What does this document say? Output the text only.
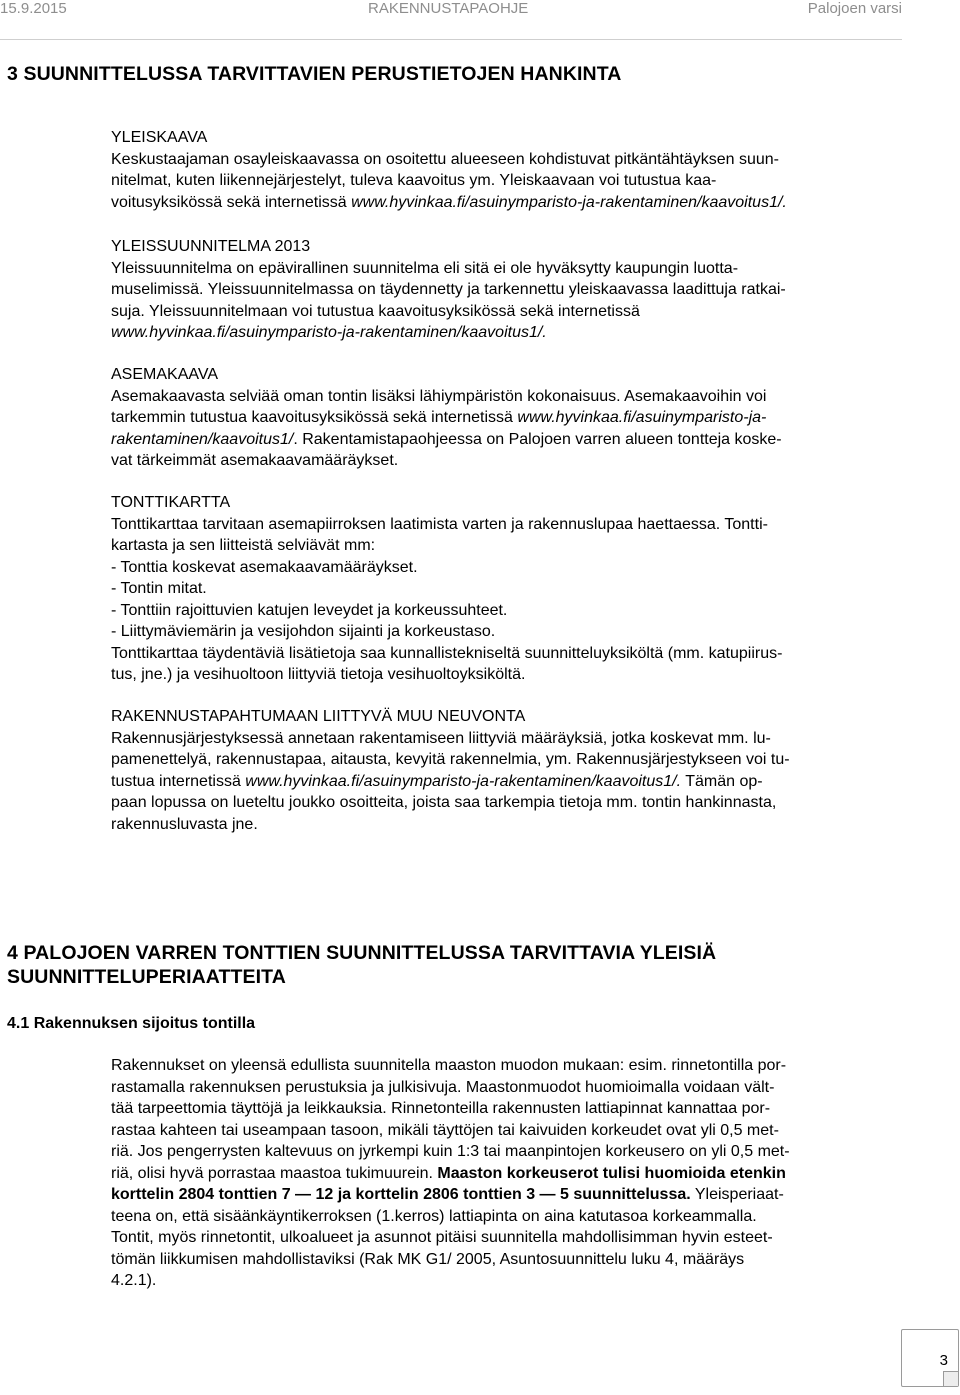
15.9.2015	RAKENNUSTAPAOHJE	Palojoen varsi
3 SUUNNITTELUSSA TARVITTAVIEN PERUSTIETOJEN HANKINTA

YLEISKAAVA

Keskustaajaman osayleiskaavassa on osoitettu alueeseen kohdistuvat pitkäntähtäyksen suun-
nitelmat, kuten liikennejärjestelyt, tuleva kaavoitus ym. Yleiskaavaan voi tutustua kaa-
voitusyksikössä sekä internetissä www.hyvinkaa.fi/asuinymparisto-ja-rakentaminen/kaavoitus1/.

YLEISSUUNNITELMA 2013

Yleissuunnitelma on epävirallinen suunnitelma eli sitä ei ole hyväksytty kaupungin luotta-
muselimissä. Yleissuunnitelmassa on täydennetty ja tarkennettu yleiskaavassa laadittuja ratkai-
suja. Yleissuunnitelmaan voi tutustua kaavoitusyksikössä sekä internetissä
www.hyvinkaa.fi/asuinymparisto-ja-rakentaminen/kaavoitus1/.

ASEMAKAAVA

Asemakaavasta selviää oman tontin lisäksi lähiympäristön kokonaisuus. Asemakaavoihin voi
tarkemmin tutustua kaavoitusyksikössä sekä internetissä www.hyvinkaa.fi/asuinymparisto-ja-
rakentaminen/kaavoitus1/. Rakentamistapaohjeessa on Palojoen varren alueen tontteja koske-
vat tärkeimmät asemakaavamääräykset.

TONTTIKARTTA

Tonttikarttaa tarvitaan asemapiirroksen laatimista varten ja rakennuslupaa haettaessa. Tontti-
kartasta ja sen liitteistä selviävät mm:
- Tonttia koskevat asemakaavamääräykset.
- Tontin mitat.
- Tonttiin rajoittuvien katujen leveydet ja korkeussuhteet.
- Liittymäviemärin ja vesijohdon sijainti ja korkeustaso.
Tonttikarttaa täydentäviä lisätietoja saa kunnallistekniseltä suunnitteluyksiköltä (mm. katupiirus-
tus, jne.) ja vesihuoltoon liittyviä tietoja vesihuoltoyksiköltä.

RAKENNUSTAPAHTUMAAN LIITTYVÄ MUU NEUVONTA

Rakennusjärjestyksessä annetaan rakentamiseen liittyviä määräyksiä, jotka koskevat mm. lu-
pamenettelyä, rakennustapaa, aitausta, kevyitä rakennelmia, ym. Rakennusjärjestykseen voi tu-
tustua internetissä www.hyvinkaa.fi/asuinymparisto-ja-rakentaminen/kaavoitus1/. Tämän op-
paan lopussa on lueteltu joukko osoitteita, joista saa tarkempia tietoja mm. tontin hankinnasta,
rakennusluvasta jne.

4 PALOJOEN VARREN TONTTIEN SUUNNITTELUSSA TARVITTAVIA YLEISIÄ
SUUNNITTELUPERIAATTEITA
4.1 Rakennuksen sijoitus tontilla

Rakennukset on yleensä edullista suunnitella maaston muodon mukaan: esim. rinnetontilla por-
rastamalla rakennuksen perustuksia ja julkisivuja. Maastonmuodot huomioimalla voidaan vält-
tää tarpeettomia täyttöjä ja leikkauksia. Rinnetonteilla rakennusten lattiapinnat kannattaa por-
rastaa kahteen tai useampaan tasoon, mikäli täyttöjen tai kaivuiden korkeudet ovat yli 0,5 met-
riä. Jos pengerrysten kaltevuus on jyrkempi kuin 1:3 tai maanpintojen korkeusero on yli 0,5 met-
riä, olisi hyvä porrastaa maastoa tukimuurein. Maaston korkeuserot tulisi huomioida etenkin
korttelin 2804 tonttien 7 — 12 ja korttelin 2806 tonttien 3 — 5 suunnittelussa. Yleisperiaat-
teena on, että sisäänkäyntikerroksen (1.kerros) lattiapinta on aina katutasoa korkeammalla.
Tontit, myös rinnetontit, ulkoalueet ja asunnot pitäisi suunnitella mahdollisimman hyvin esteet-
tömän liikkumisen mahdollistaviksi (Rak MK G1/ 2005, Asuntosuunnittelu luku 4, määräys
4.2.1).

3
